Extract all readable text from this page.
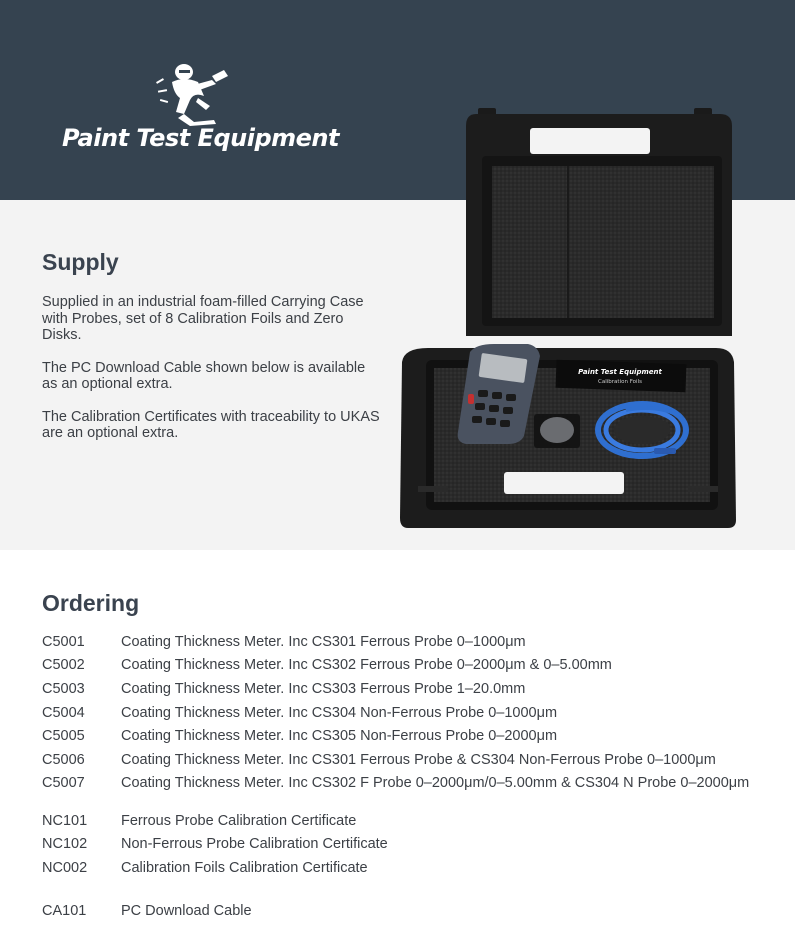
Paint Test Equipment
Paint Test Equipment
Calibration Foils
Supply

Supplied in an industrial foam-filled Carrying Case with Probes, set of 8 Calibration Foils and Zero Disks.

The PC Download Cable shown below is available as an optional extra.

The Calibration Certificates with traceability to UKAS are an optional extra.

Ordering
C5001	Coating Thickness Meter. Inc CS301 Ferrous Probe 0–1000μm
C5002	Coating Thickness Meter. Inc CS302 Ferrous Probe 0–2000μm & 0–5.00mm
C5003	Coating Thickness Meter. Inc CS303 Ferrous Probe 1–20.0mm
C5004	Coating Thickness Meter. Inc CS304 Non-Ferrous Probe 0–1000μm
C5005	Coating Thickness Meter. Inc CS305 Non-Ferrous Probe 0–2000μm
C5006	Coating Thickness Meter. Inc CS301 Ferrous Probe & CS304 Non-Ferrous Probe 0–1000μm
C5007	Coating Thickness Meter. Inc CS302 F Probe 0–2000μm/0–5.00mm & CS304 N Probe 0–2000μm
NC101	Ferrous Probe Calibration Certificate
NC102	Non-Ferrous Probe Calibration Certificate
NC002	Calibration Foils Calibration Certificate
CA101	PC Download Cable
